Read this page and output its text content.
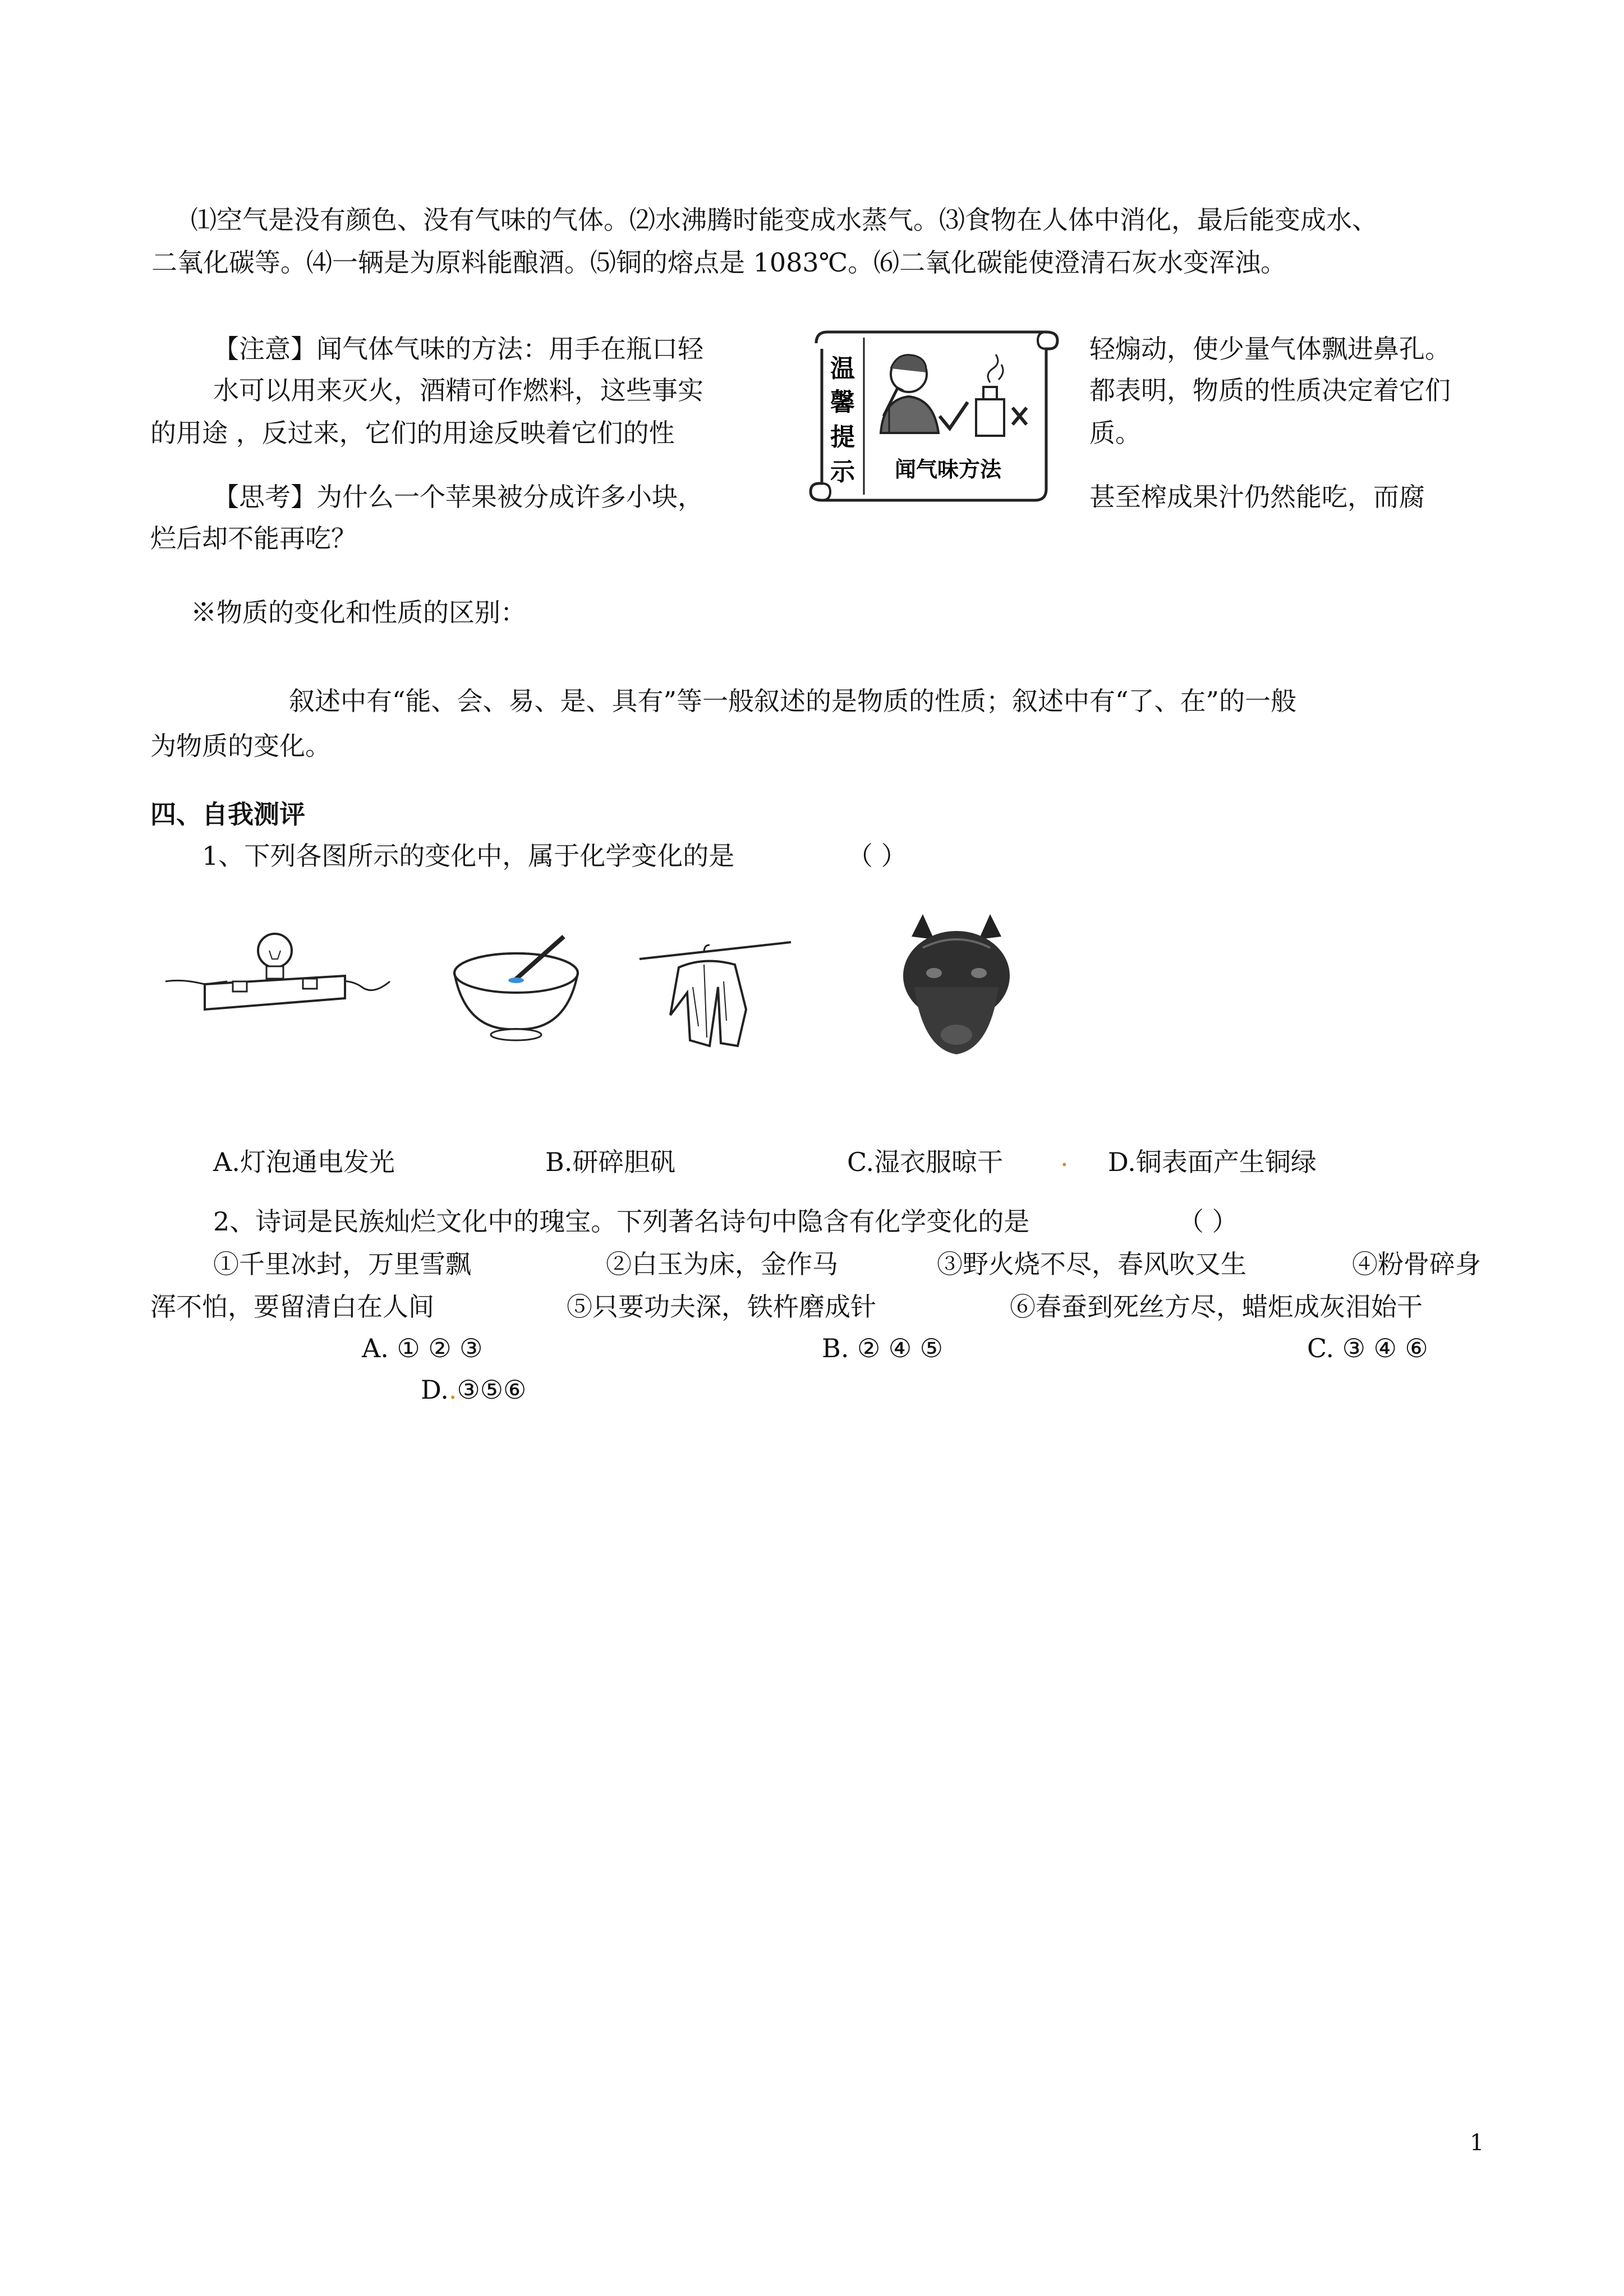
⑴空气是没有颜色、没有气味的气体。⑵水沸腾时能变成水蒸气。⑶食物在人体中消化，最后能变成水、
二氧化碳等。⑷一辆是为原料能酿酒。⑸铜的熔点是 1083℃。⑹二氧化碳能使澄清石灰水变浑浊。
【注意】闻气体气味的方法：用手在瓶口轻	轻煽动，使少量气体飘进鼻孔。
水可以用来灭火，酒精可作燃料，这些事实	都表明，物质的性质决定着它们
的用途 ，反过来，它们的用途反映着它们的性	质。
【思考】为什么一个苹果被分成许多小块，	甚至榨成果汁仍然能吃，而腐
烂后却不能再吃？
温
馨
提
示 闻气味方法
※物质的变化和性质的区别：
叙述中有“能、会、易、是、具有”等一般叙述的是物质的性质；叙述中有“了、在”的一般
为物质的变化。
四、自我测评
1、下列各图所示的变化中，属于化学变化的是	（ ）
A.灯泡通电发光	B.研碎胆矾	C.湿衣服晾干 . D.铜表面产生铜绿
2、诗词是民族灿烂文化中的瑰宝。下列著名诗句中隐含有化学变化的是	（ ）
①千里冰封，万里雪飘	②白玉为床，金作马	③野火烧不尽，春风吹又生	④粉骨碎身
浑不怕，要留清白在人间	⑤只要功夫深，铁杵磨成针	⑥春蚕到死丝方尽，蜡炬成灰泪始干
A. ① ② ③	B. ② ④ ⑤	C. ③ ④ ⑥
D..③⑤⑥
1
